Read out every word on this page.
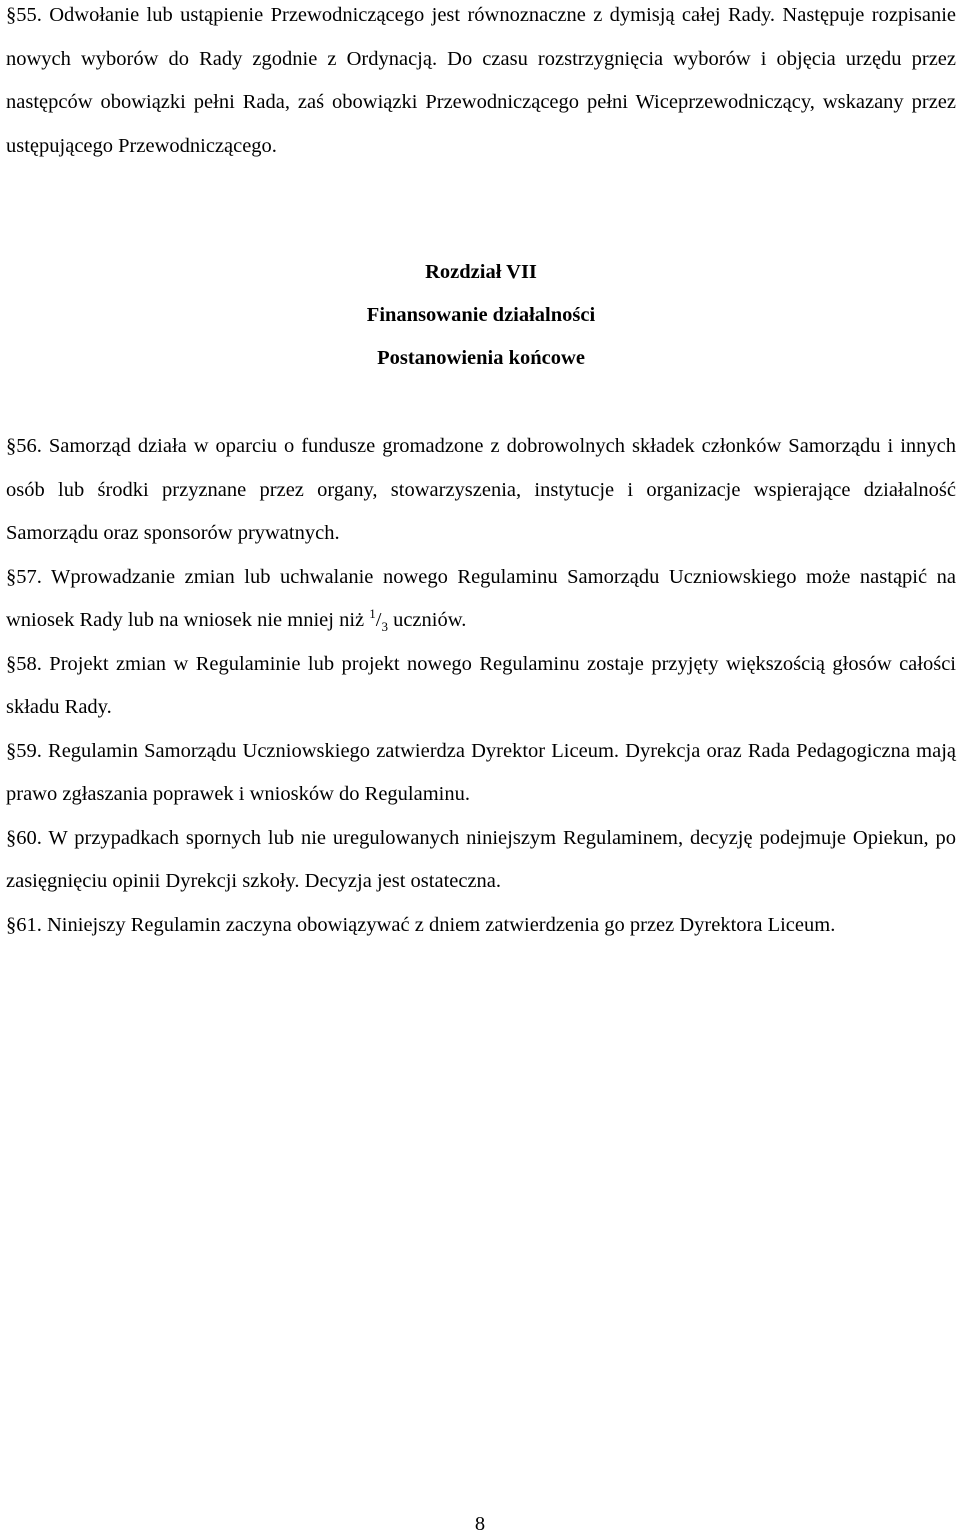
§55. Odwołanie lub ustąpienie Przewodniczącego jest równoznaczne z dymisją całej Rady. Następuje rozpisanie nowych wyborów do Rady zgodnie z Ordynacją. Do czasu rozstrzygnięcia wyborów i objęcia urzędu przez następców obowiązki pełni Rada, zaś obowiązki Przewodniczącego pełni Wiceprzewodniczący, wskazany przez ustępującego Przewodniczącego.

Rozdział VII

Finansowanie działalności

Postanowienia końcowe

§56. Samorząd działa w oparciu o fundusze gromadzone z dobrowolnych składek członków Samorządu i innych osób lub środki przyznane przez organy, stowarzyszenia, instytucje i organizacje wspierające działalność Samorządu oraz sponsorów prywatnych.

§57. Wprowadzanie zmian lub uchwalanie nowego Regulaminu Samorządu Uczniowskiego może nastąpić na wniosek Rady lub na wniosek nie mniej niż $^1/_3$ uczniów.

§58. Projekt zmian w Regulaminie lub projekt nowego Regulaminu zostaje przyjęty większością głosów całości składu Rady.

§59. Regulamin Samorządu Uczniowskiego zatwierdza Dyrektor Liceum. Dyrekcja oraz Rada Pedagogiczna mają prawo zgłaszania poprawek i wniosków do Regulaminu.

§60. W przypadkach spornych lub nie uregulowanych niniejszym Regulaminem, decyzję podejmuje Opiekun, po zasięgnięciu opinii Dyrekcji szkoły. Decyzja jest ostateczna.

§61. Niniejszy Regulamin zaczyna obowiązywać z dniem zatwierdzenia go przez Dyrektora Liceum.

8
